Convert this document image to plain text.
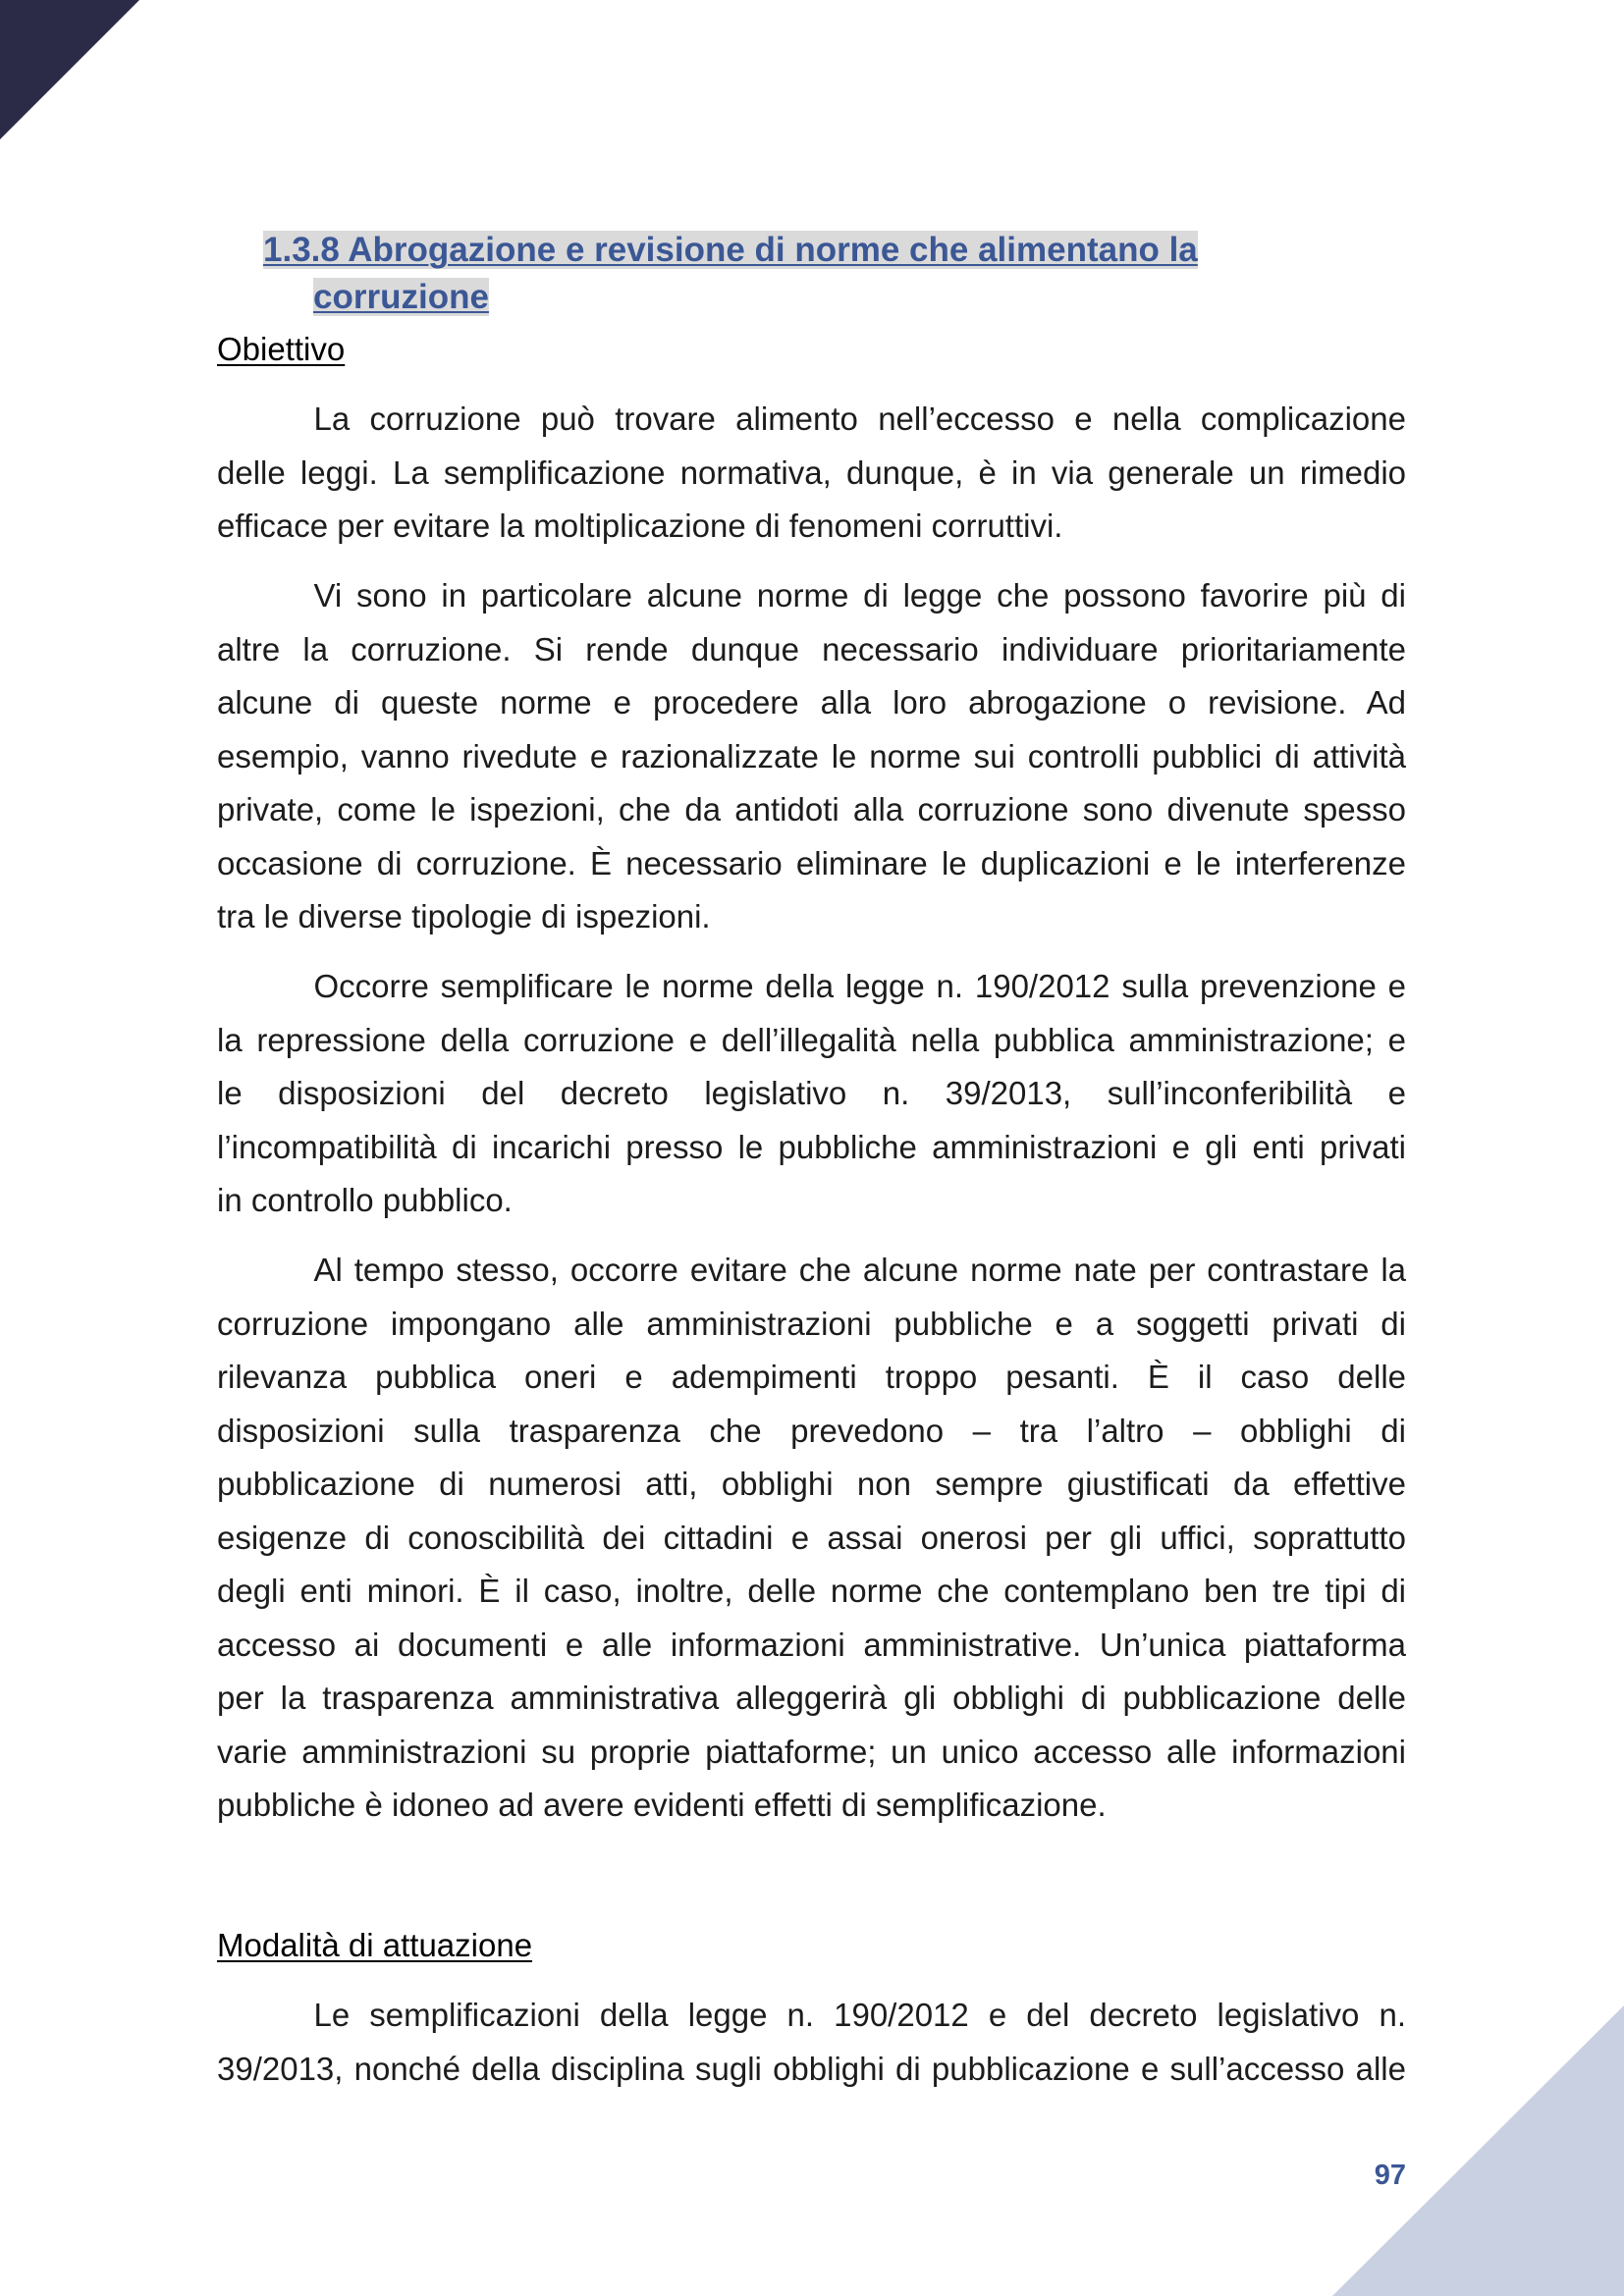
1.3.8 Abrogazione e revisione di norme che alimentano la corruzione
Obiettivo
La corruzione può trovare alimento nell’eccesso e nella complicazione
delle leggi. La semplificazione normativa, dunque, è in via generale un rimedio
efficace per evitare la moltiplicazione di fenomeni corruttivi.
Vi sono in particolare alcune norme di legge che possono favorire più di
altre la corruzione. Si rende dunque necessario individuare prioritariamente
alcune di queste norme e procedere alla loro abrogazione o revisione. Ad
esempio, vanno rivedute e razionalizzate le norme sui controlli pubblici di attività
private, come le ispezioni, che da antidoti alla corruzione sono divenute spesso
occasione di corruzione. È necessario eliminare le duplicazioni e le interferenze
tra le diverse tipologie di ispezioni.
Occorre semplificare le norme della legge n. 190/2012 sulla prevenzione e
la repressione della corruzione e dell’illegalità nella pubblica amministrazione; e
le disposizioni del decreto legislativo n. 39/2013, sull’inconferibilità e
l’incompatibilità di incarichi presso le pubbliche amministrazioni e gli enti privati
in controllo pubblico.
Al tempo stesso, occorre evitare che alcune norme nate per contrastare la
corruzione impongano alle amministrazioni pubbliche e a soggetti privati di
rilevanza pubblica oneri e adempimenti troppo pesanti. È il caso delle
disposizioni sulla trasparenza che prevedono – tra l’altro – obblighi di
pubblicazione di numerosi atti, obblighi non sempre giustificati da effettive
esigenze di conoscibilità dei cittadini e assai onerosi per gli uffici, soprattutto
degli enti minori. È il caso, inoltre, delle norme che contemplano ben tre tipi di
accesso ai documenti e alle informazioni amministrative. Un’unica piattaforma
per la trasparenza amministrativa alleggerirà gli obblighi di pubblicazione delle
varie amministrazioni su proprie piattaforme; un unico accesso alle informazioni
pubbliche è idoneo ad avere evidenti effetti di semplificazione.
Modalità di attuazione
Le semplificazioni della legge n. 190/2012 e del decreto legislativo n.
39/2013, nonché della disciplina sugli obblighi di pubblicazione e sull’accesso alle
97
